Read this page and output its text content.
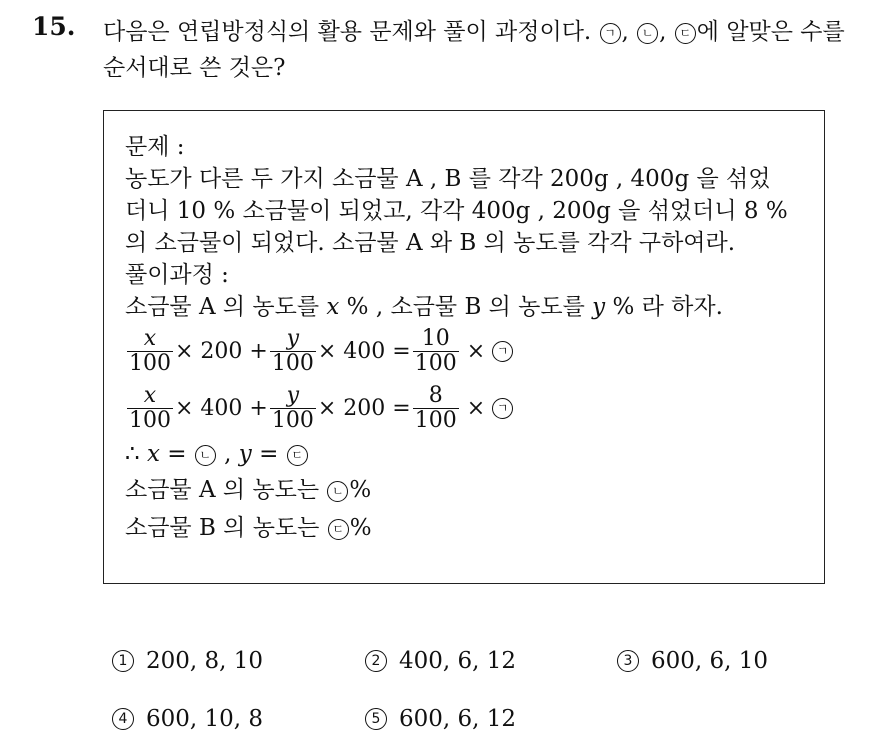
15. 다음은 연립방정식의 활용 문제와 풀이 과정이다. ㄱ , ㄴ , ㄷ 에 알맞은 수를 순서대로 쓴 것은?
문제 :
농도가 다른 두 가지 소금물 A , B 를 각각 200g , 400g 을 섞었
더니 10 % 소금물이 되었고, 각각 400g , 200g 을 섞었더니 8 %
의 소금물이 되었다. 소금물 A 와 B 의 농도를 각각 구하여라.
풀이과정 :
소금물 A 의 농도를 x % , 소금물 B 의 농도를 y % 라 하자.
$\frac{x}{100} \times 200 + \frac{y}{100} \times 400 = \frac{10}{100}$ × ㄱ
$\frac{x}{100} \times 400 + \frac{y}{100} \times 200 = \frac{8}{100}$ × ㄱ
∴ x = ㄴ , y = ㄷ
소금물 A 의 농도는 ㄴ %
소금물 B 의 농도는 ㄷ %
1 200, 8, 10	2 400, 6, 12	3 600, 6, 10
4 600, 10, 8	5 600, 6, 12
